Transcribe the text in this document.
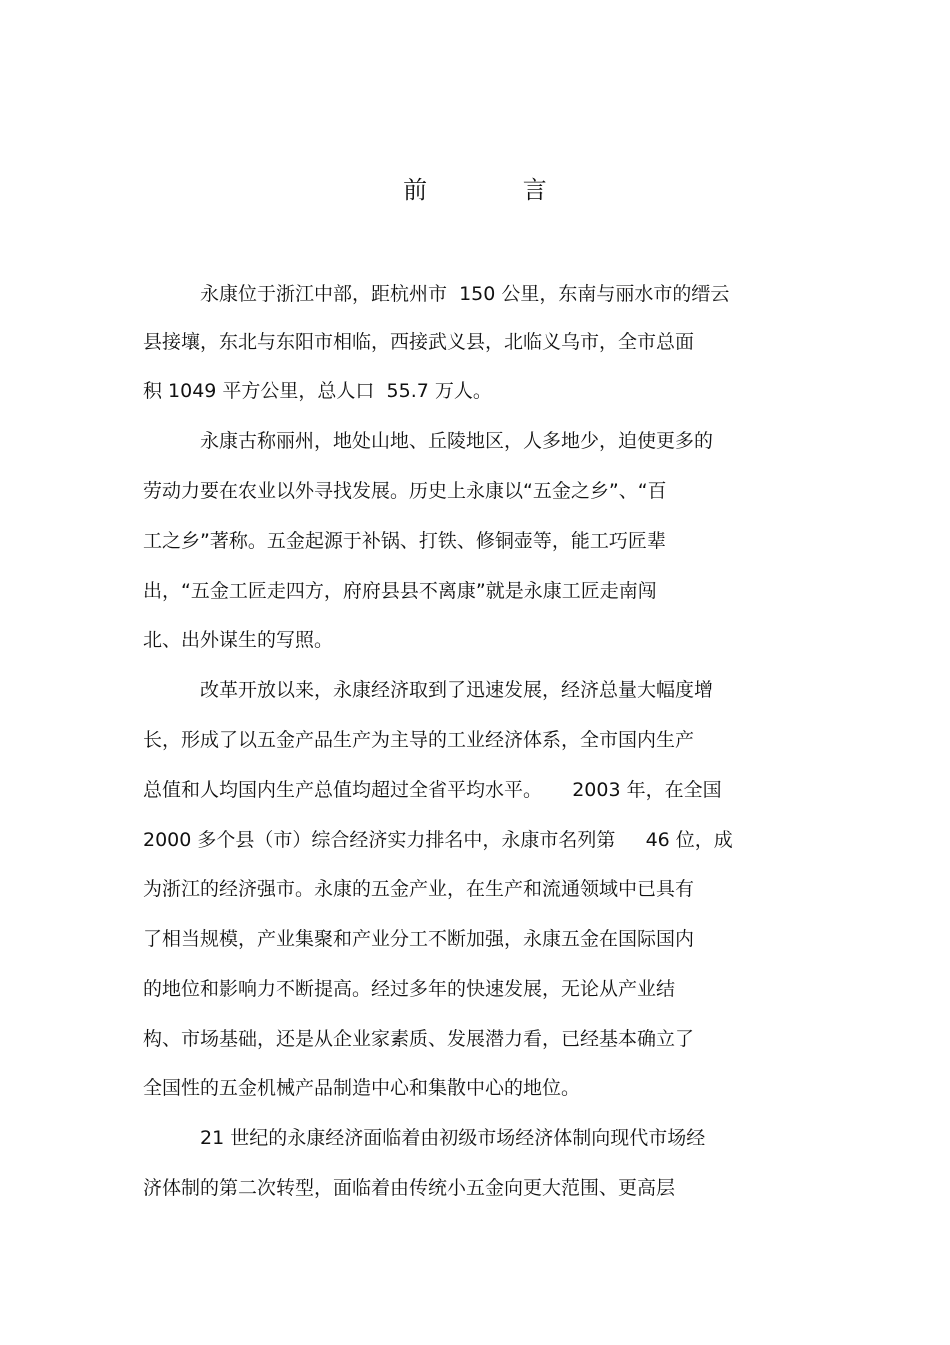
前 言
永康位于浙江中部，距杭州市  150 公里，东南与丽水市的缙云
县接壤，东北与东阳市相临，西接武义县，北临义乌市，全市总面
积 1049 平方公里，总人口  55.7 万人。
永康古称丽州，地处山地、丘陵地区，人多地少，迫使更多的
劳动力要在农业以外寻找发展。历史上永康以“五金之乡”、“百
工之乡”著称。五金起源于补锅、打铁、修铜壶等，能工巧匠辈
出，“五金工匠走四方，府府县县不离康”就是永康工匠走南闯
北、出外谋生的写照。
改革开放以来，永康经济取到了迅速发展，经济总量大幅度增
长，形成了以五金产品生产为主导的工业经济体系，全市国内生产
总值和人均国内生产总值均超过全省平均水平。     2003 年，在全国
2000 多个县（市）综合经济实力排名中，永康市名列第     46 位，成
为浙江的经济强市。永康的五金产业，在生产和流通领域中已具有
了相当规模，产业集聚和产业分工不断加强，永康五金在国际国内
的地位和影响力不断提高。经过多年的快速发展，无论从产业结
构、市场基础，还是从企业家素质、发展潜力看，已经基本确立了
全国性的五金机械产品制造中心和集散中心的地位。
21 世纪的永康经济面临着由初级市场经济体制向现代市场经
济体制的第二次转型，面临着由传统小五金向更大范围、更高层
